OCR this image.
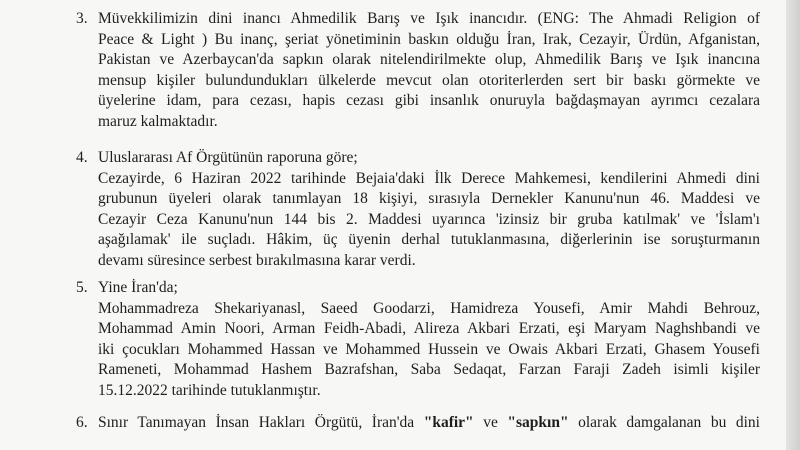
3. Müvekkilimizin dini inancı Ahmedilik Barış ve Işık inancıdır. (ENG: The Ahmadi Religion of
Peace & Light ) Bu inanç, şeriat yönetiminin baskın olduğu İran, Irak, Cezayir, Ürdün, Afganistan,
Pakistan ve Azerbaycan'da sapkın olarak nitelendirilmekte olup, Ahmedilik Barış ve Işık inancına
mensup kişiler bulundundukları ülkelerde mevcut olan otoriterlerden sert bir baskı görmekte ve
üyelerine idam, para cezası, hapis cezası gibi insanlık onuruyla bağdaşmayan ayrımcı cezalara
maruz kalmaktadır.
4. Uluslararası Af Örgütünün raporuna göre;
Cezayirde, 6 Haziran 2022 tarihinde Bejaia'daki İlk Derece Mahkemesi, kendilerini Ahmedi dini
grubunun üyeleri olarak tanımlayan 18 kişiyi, sırasıyla Dernekler Kanunu'nun 46. Maddesi ve
Cezayir Ceza Kanunu'nun 144 bis 2. Maddesi uyarınca 'izinsiz bir gruba katılmak' ve 'İslam'ı
aşağılamak' ile suçladı. Hâkim, üç üyenin derhal tutuklanmasına, diğerlerinin ise soruşturmanın
devamı süresince serbest bırakılmasına karar verdi.
5. Yine İran'da;
Mohammadreza Shekariyanasl, Saeed Goodarzi, Hamidreza Yousefi, Amir Mahdi Behrouz,
Mohammad Amin Noori, Arman Feidh-Abadi, Alireza Akbari Erzati, eşi Maryam Naghshbandi ve
iki çocukları Mohammed Hassan ve Mohammed Hussein ve Owais Akbari Erzati, Ghasem Yousefi
Rameneti, Mohammad Hashem Bazrafshan, Saba Sedaqat, Farzan Faraji Zadeh isimli kişiler
15.12.2022 tarihinde tutuklanmıştır.
6. Sınır Tanımayan İnsan Hakları Örgütü, İran'da "kafir" ve "sapkın" olarak damgalanan bu dini
